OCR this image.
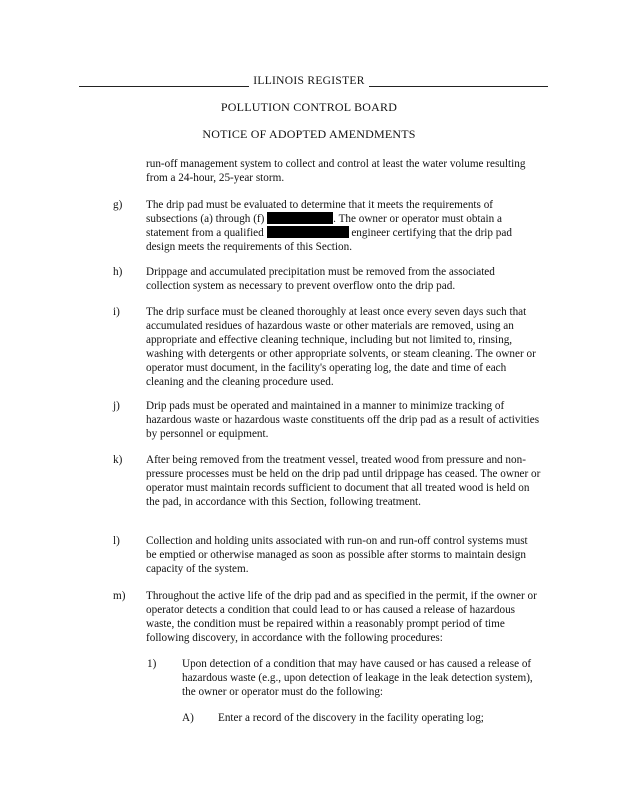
ILLINOIS REGISTER
POLLUTION CONTROL BOARD
NOTICE OF ADOPTED AMENDMENTS
run-off management system to collect and control at least the water volume resulting from a 24-hour, 25-year storm.
g) The drip pad must be evaluated to determine that it meets the requirements of subsections (a) through (f)	. The owner or operator must obtain a statement from a qualified	engineer certifying that the drip pad design meets the requirements of this Section.
h) Drippage and accumulated precipitation must be removed from the associated collection system as necessary to prevent overflow onto the drip pad.
i) The drip surface must be cleaned thoroughly at least once every seven days such that accumulated residues of hazardous waste or other materials are removed, using an appropriate and effective cleaning technique, including but not limited to, rinsing, washing with detergents or other appropriate solvents, or steam cleaning. The owner or operator must document, in the facility's operating log, the date and time of each cleaning and the cleaning procedure used.
j) Drip pads must be operated and maintained in a manner to minimize tracking of hazardous waste or hazardous waste constituents off the drip pad as a result of activities by personnel or equipment.
k) After being removed from the treatment vessel, treated wood from pressure and non-pressure processes must be held on the drip pad until drippage has ceased. The owner or operator must maintain records sufficient to document that all treated wood is held on the pad, in accordance with this Section, following treatment.
l) Collection and holding units associated with run-on and run-off control systems must be emptied or otherwise managed as soon as possible after storms to maintain design capacity of the system.
m) Throughout the active life of the drip pad and as specified in the permit, if the owner or operator detects a condition that could lead to or has caused a release of hazardous waste, the condition must be repaired within a reasonably prompt period of time following discovery, in accordance with the following procedures:
1) Upon detection of a condition that may have caused or has caused a release of hazardous waste (e.g., upon detection of leakage in the leak detection system), the owner or operator must do the following:
A) Enter a record of the discovery in the facility operating log;
